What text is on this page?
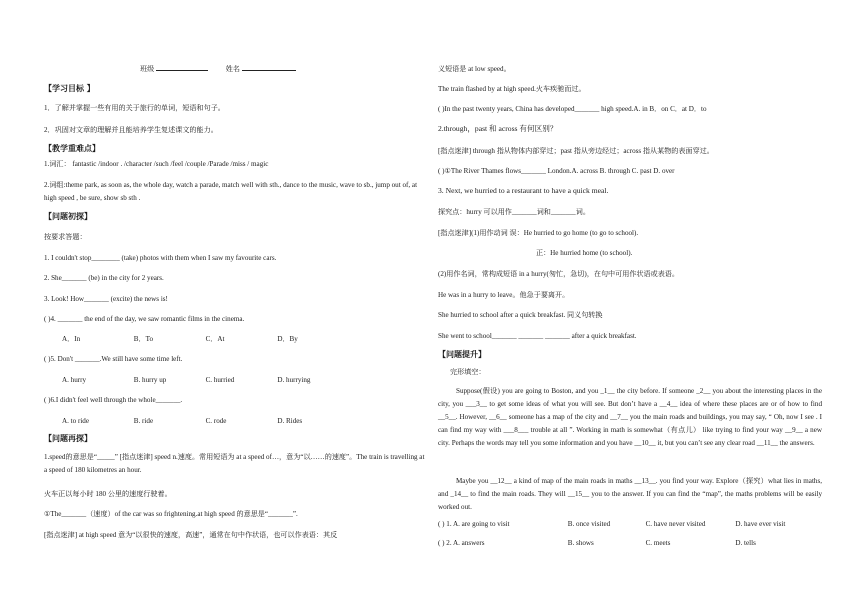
班级	姓名
【学习目标 】
1．了解并掌握一些有用的关于旅行的单词，短语和句子。
2．巩固对文章的理解并且能培养学生复述课文的能力。
【教学重难点】
1.词汇： fantastic /indoor . /character /such /feel /couple /Parade /miss / magic
2.词组:theme park, as soon as, the whole day, watch a parade, match well with sth., dance to the music, wave to sb., jump out of, at high speed , be sure, show sb sth .
【问题初探】
按要求答题：
1. I couldn't stop________ (take) photos with them when I saw my favourite cars.
2. She_______ (be) in the city for 2 years.
3. Look! How_______ (excite) the news is!
( )4. _______ the end of the day, we saw romantic films in the cinema.
A．In	B．To	C．At	D．By
( )5. Don't _______.We still have some time left.
A. hurry	B. hurry up	C. hurried	D. hurrying
( )6.I didn't feel well through the whole_______.
A. to ride	B. ride	C. rode	D. Rides
【问题再探】
1.speed的意思是“_____” [指点迷津] speed n.速度。常用短语为 at a speed of…，意为“以……的速度”。The train is travelling at a speed of 180 kilometres an hour.
火车正以每小时 180 公里的速度行驶着。
①The_______（速度）of the car was so frightening.at high speed 的意思是“_______”.
[指点迷津] at high speed 意为“以很快的速度，高速”，通常在句中作状语，也可以作表语：其反
义短语是 at low speed。
The train flashed by at high speed.火车疾驰而过。
( )In the past twenty years, China has developed_______ high speed.A. in B．on C．at D．to
2.through，past 和 across 有何区别？
[指点迷津] through 指从物体内部穿过；past 指从旁边经过；across 指从某物的表面穿过。
( )①The River Thames flows_______ London.A. across B. through C. past D. over
3. Next, we hurried to a restaurant to have a quick meal.
探究点：hurry 可以用作_______词和_______词。
[指点迷津](1)用作动词 误：He hurried to go home (to go to school).
正：He hurried home (to school).
(2)用作名词，常构成短语 in a hurry(匆忙，急切)，在句中可用作状语或表语。
He was in a hurry to leave。他急于要离开。
She hurried to school after a quick breakfast. 同义句转换
She went to school_______ _______ _______ after a quick breakfast.
【问题提升】
完形填空：
Suppose(假设) you are going to Boston, and you _1__ the city before. If someone _2__ you about the interesting places in the city, you ___3__ to get some ideas of what you will see. But don’t have a __4__ idea of where these places are or of how to find __5__. However, __6__ someone has a map of the city and __7__ you the main roads and buildings, you may say, “ Oh, now I see . I can find my way with ___8___ trouble at all ”. Working in math is somewhat（有点儿） like trying to find your way __9__ a new city. Perhaps the words may tell you some information and you have __10__ it, but you can’t see any clear road __11__ the answers.
Maybe you __12__ a kind of map of the main roads in maths __13__. you find your way. Explore（探究）what lies in maths, and _14__ to find the main roads. They will __15__ you to the answer. If you can find the “map”, the maths problems will be easily worked out.
( ) 1. A. are going to visit	B. once visited	C. have never visited	D. have ever visit
( ) 2. A. answers	B. shows	C. meets	D. tells
